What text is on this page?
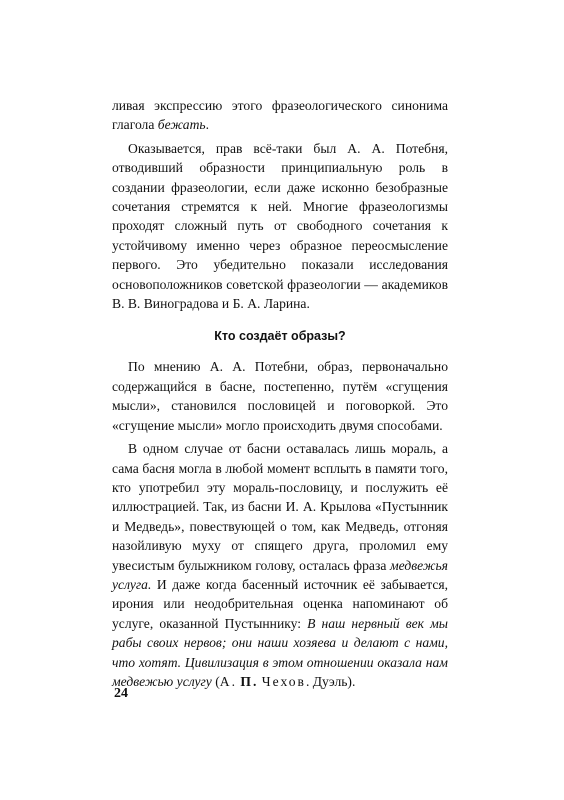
ливая экспрессию этого фразеологического синонима глагола бежать.

Оказывается, прав всё-таки был А. А. Потебня, отводивший образности принципиальную роль в создании фразеологии, если даже исконно безобразные сочетания стремятся к ней. Многие фразеологизмы проходят сложный путь от свободного сочетания к устойчивому именно через образное переосмысление первого. Это убедительно показали исследования основоположников советской фразеологии — академиков В. В. Виноградова и Б. А. Ларина.

Кто создаёт образы?

По мнению А. А. Потебни, образ, первоначально содержащийся в басне, постепенно, путём «сгущения мысли», становился пословицей и поговоркой. Это «сгущение мысли» могло происходить двумя способами.

В одном случае от басни оставалась лишь мораль, а сама басня могла в любой момент всплыть в памяти того, кто употребил эту мораль-пословицу, и послужить её иллюстрацией. Так, из басни И. А. Крылова «Пустынник и Медведь», повествующей о том, как Медведь, отгоняя назойливую муху от спящего друга, проломил ему увесистым булыжником голову, осталась фраза медвежья услуга. И даже когда басенный источник её забывается, ирония или неодобрительная оценка напоминают об услуге, оказанной Пустыннику: В наш нервный век мы рабы своих нервов; они наши хозяева и делают с нами, что хотят. Цивилизация в этом отношении оказала нам медвежью услугу (А. П. Чехов. Дуэль).

24
